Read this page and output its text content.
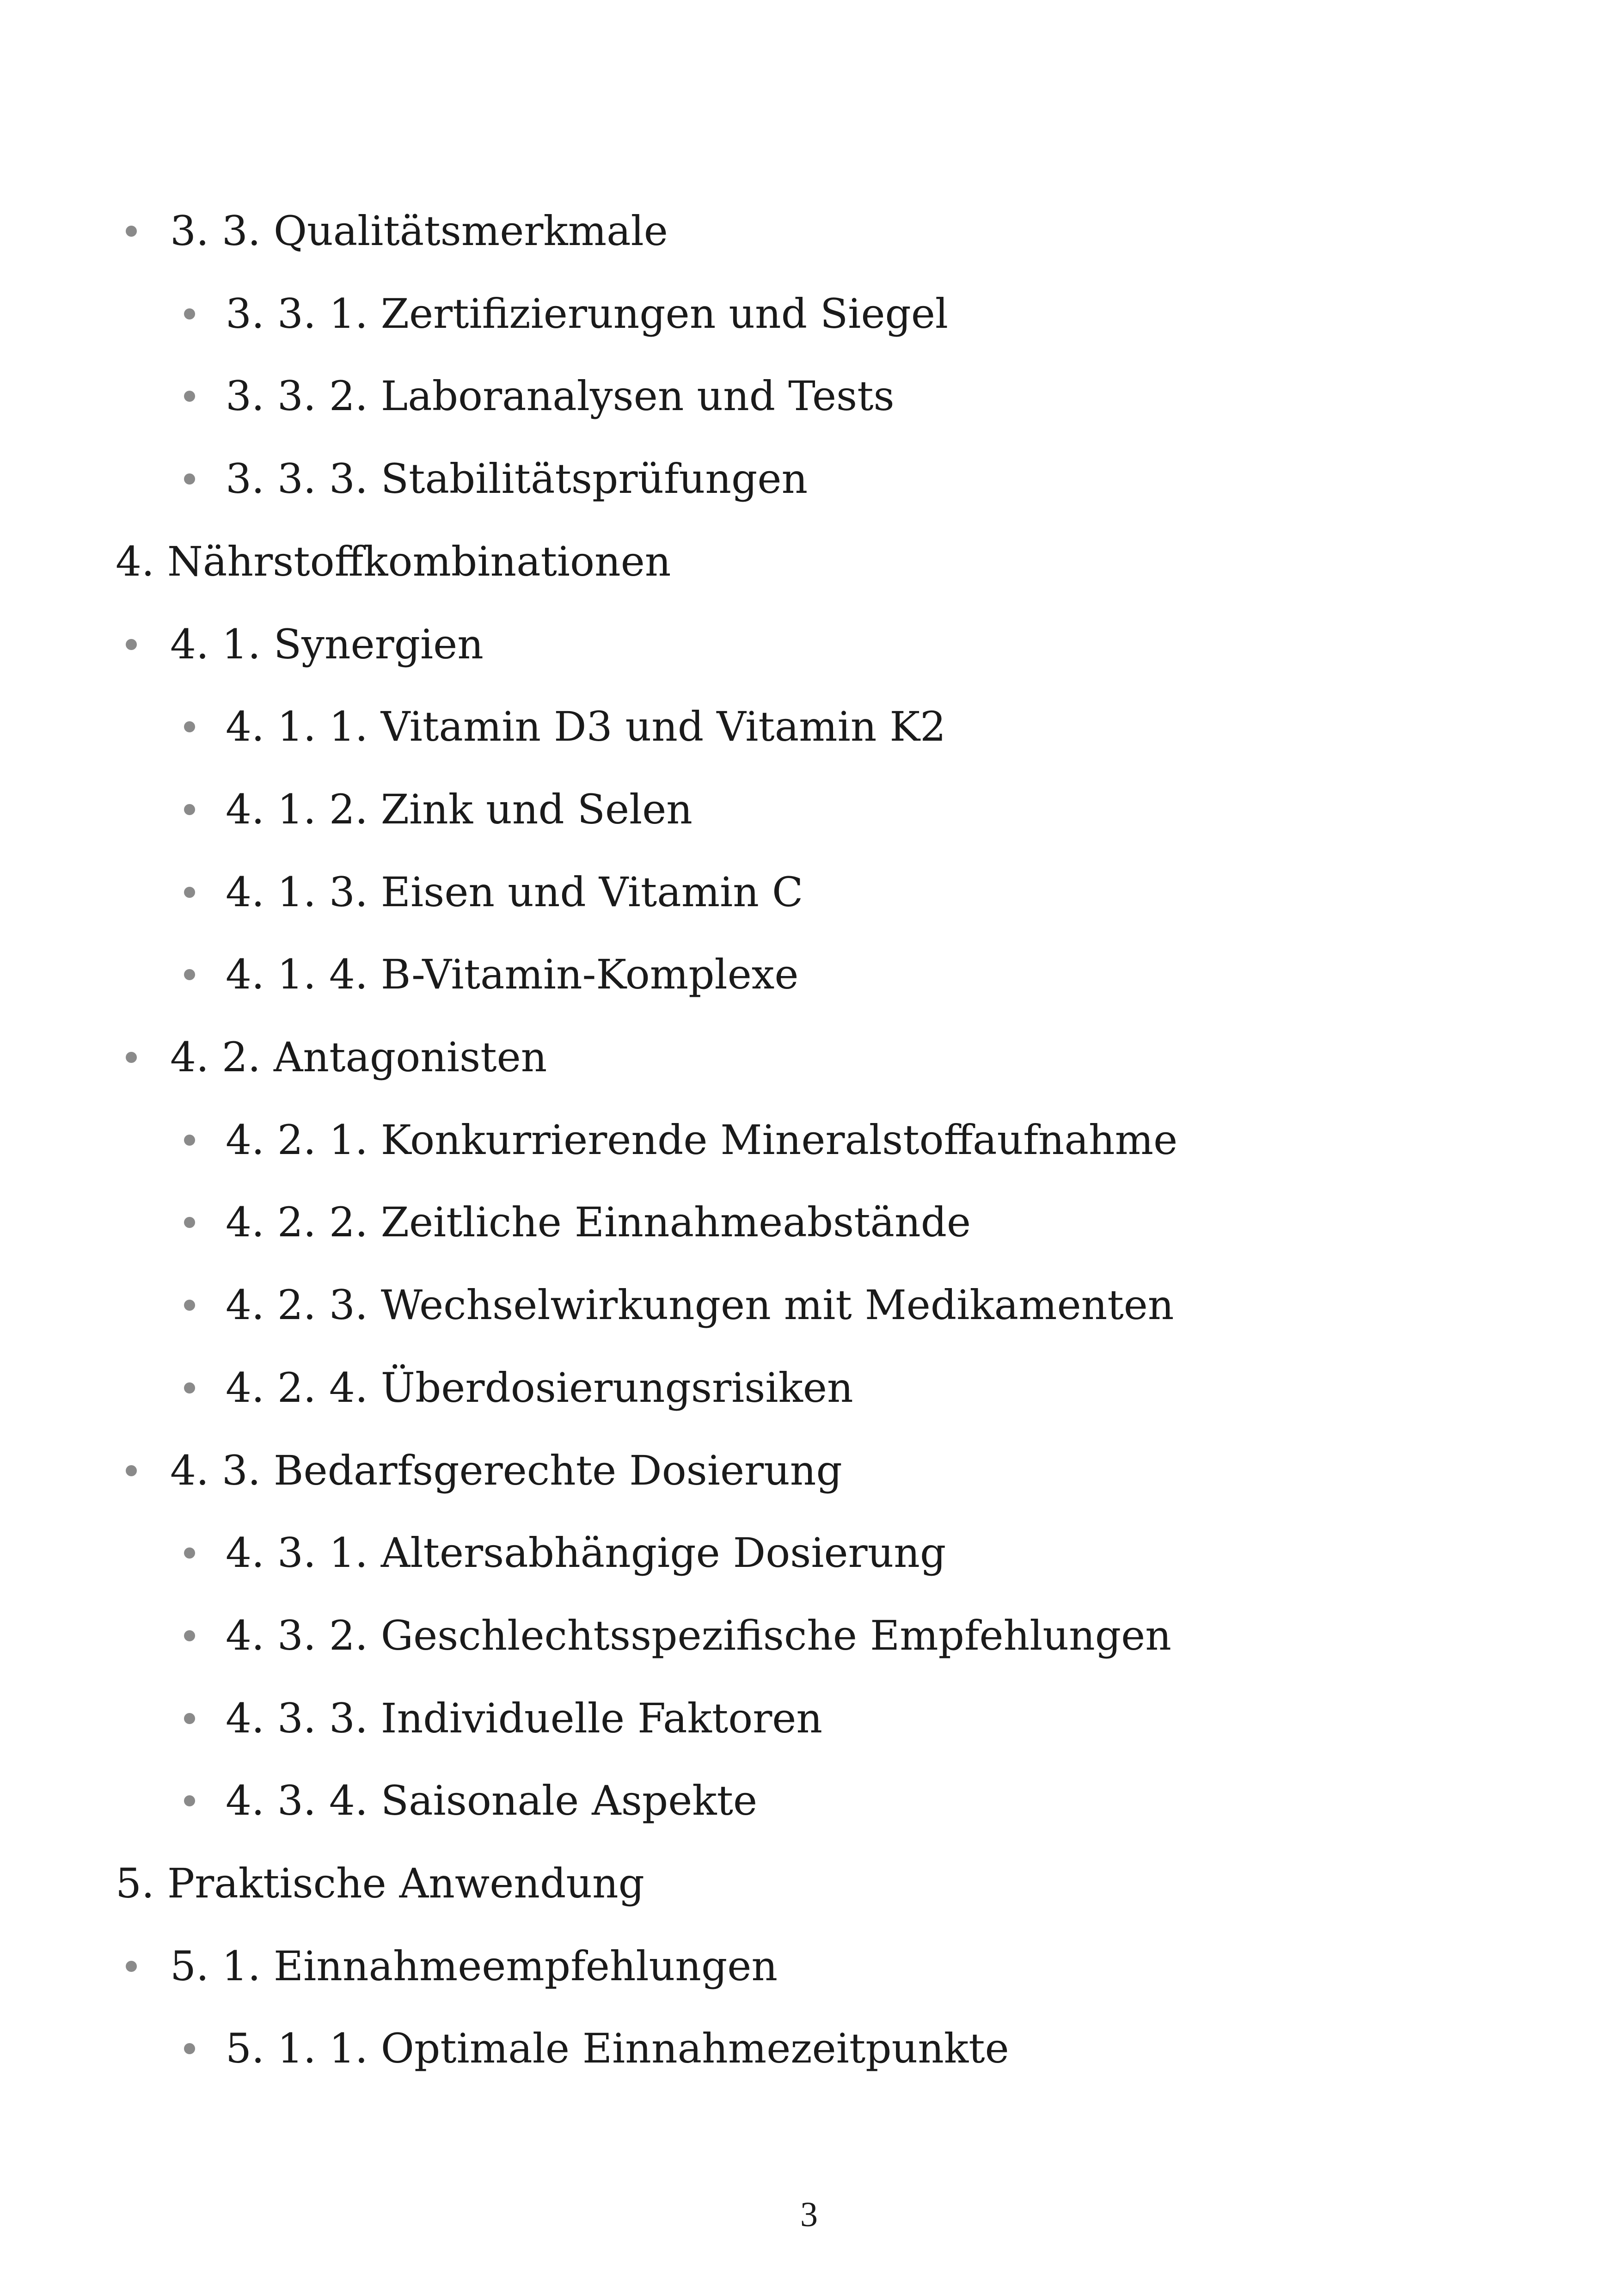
3. 3. Qualitätsmerkmale
3. 3. 1. Zertifizierungen und Siegel
3. 3. 2. Laboranalysen und Tests
3. 3. 3. Stabilitätsprüfungen
4. Nährstoffkombinationen
4. 1. Synergien
4. 1. 1. Vitamin D3 und Vitamin K2
4. 1. 2. Zink und Selen
4. 1. 3. Eisen und Vitamin C
4. 1. 4. B-Vitamin-Komplexe
4. 2. Antagonisten
4. 2. 1. Konkurrierende Mineralstoffaufnahme
4. 2. 2. Zeitliche Einnahmeabstände
4. 2. 3. Wechselwirkungen mit Medikamenten
4. 2. 4. Überdosierungsrisiken
4. 3. Bedarfsgerechte Dosierung
4. 3. 1. Altersabhängige Dosierung
4. 3. 2. Geschlechtsspezifische Empfehlungen
4. 3. 3. Individuelle Faktoren
4. 3. 4. Saisonale Aspekte
5. Praktische Anwendung
5. 1. Einnahmeempfehlungen
5. 1. 1. Optimale Einnahmezeitpunkte
3
